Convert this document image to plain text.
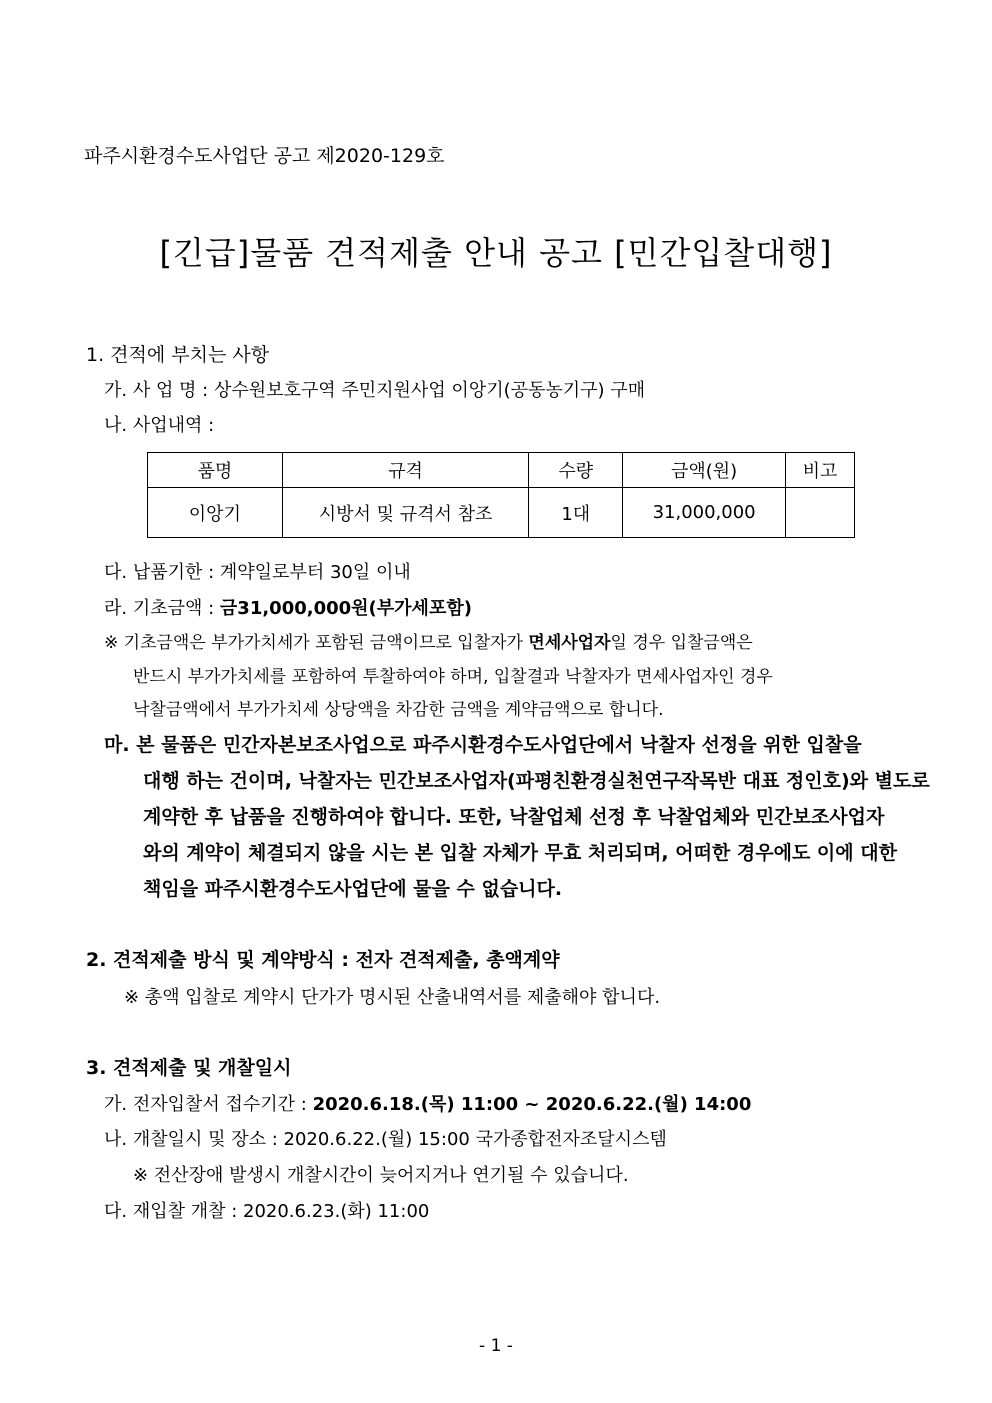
파주시환경수도사업단 공고 제2020-129호
[긴급]물품 견적제출 안내 공고 [민간입찰대행]
1. 견적에 부치는 사항
가. 사 업 명 : 상수원보호구역 주민지원사업 이앙기(공동농기구) 구매
나. 사업내역 :
품명	규격	수량	금액(원)	비고
이앙기	시방서 및 규격서 참조	1대	31,000,000	
다. 납품기한 : 계약일로부터 30일 이내
라. 기초금액 : 금31,000,000원(부가세포함)
※ 기초금액은 부가가치세가 포함된 금액이므로 입찰자가 면세사업자일 경우 입찰금액은
반드시 부가가치세를 포함하여 투찰하여야 하며, 입찰결과 낙찰자가 면세사업자인 경우
낙찰금액에서 부가가치세 상당액을 차감한 금액을 계약금액으로 합니다.
마. 본 물품은 민간자본보조사업으로 파주시환경수도사업단에서 낙찰자 선정을 위한 입찰을
대행 하는 건이며, 낙찰자는 민간보조사업자(파평친환경실천연구작목반 대표 정인호)와 별도로
계약한 후 납품을 진행하여야 합니다. 또한, 낙찰업체 선정 후 낙찰업체와 민간보조사업자
와의 계약이 체결되지 않을 시는 본 입찰 자체가 무효 처리되며, 어떠한 경우에도 이에 대한
책임을 파주시환경수도사업단에 물을 수 없습니다.
2. 견적제출 방식 및 계약방식 : 전자 견적제출, 총액계약
※ 총액 입찰로 계약시 단가가 명시된 산출내역서를 제출해야 합니다.
3. 견적제출 및 개찰일시
가. 전자입찰서 접수기간 : 2020.6.18.(목) 11:00 ~ 2020.6.22.(월) 14:00
나. 개찰일시 및 장소 : 2020.6.22.(월) 15:00 국가종합전자조달시스템
※ 전산장애 발생시 개찰시간이 늦어지거나 연기될 수 있습니다.
다. 재입찰 개찰 : 2020.6.23.(화) 11:00
- 1 -
